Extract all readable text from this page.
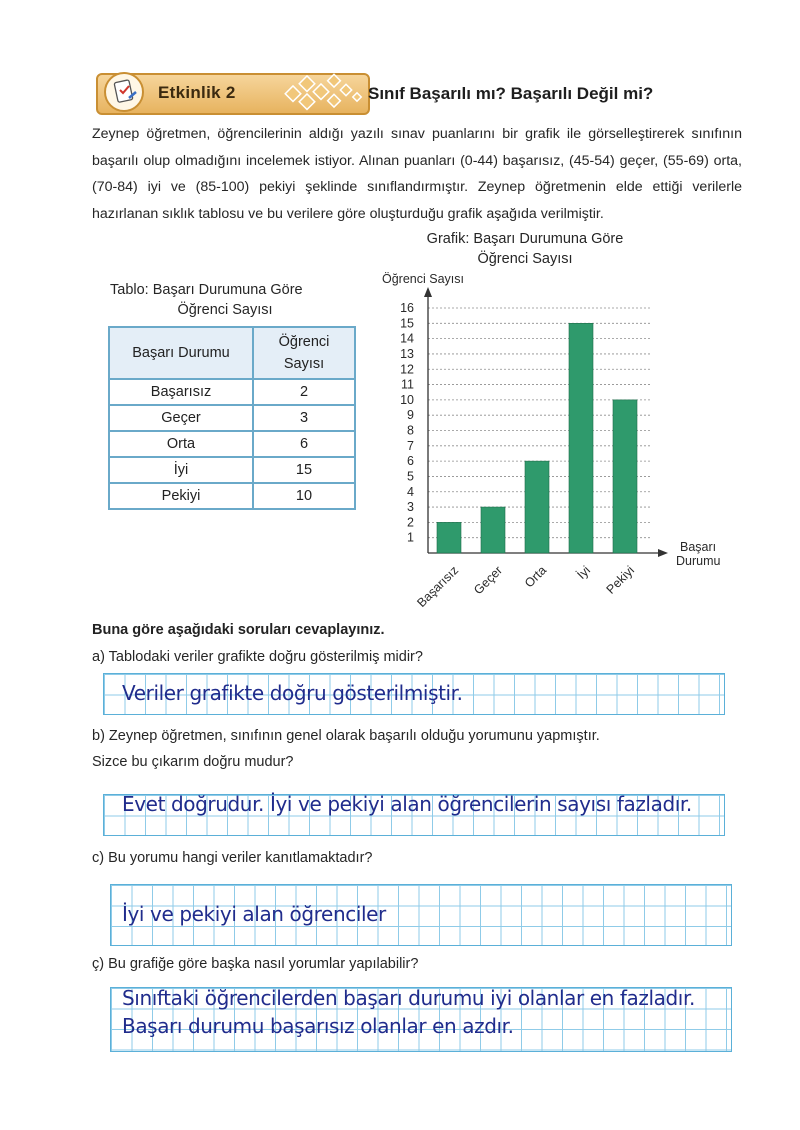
Etkinlik 2	Sınıf Başarılı mı? Başarılı Değil mi?
Zeynep öğretmen, öğrencilerinin aldığı yazılı sınav puanlarını bir grafik ile görselleştirerek sınıfının başarılı olup olmadığını incelemek istiyor. Alınan puanları (0-44) başarısız, (45-54) geçer, (55-69) orta, (70-84) iyi ve (85-100) pekiyi şeklinde sınıflandırmıştır. Zeynep öğretmenin elde ettiği verilerle hazırlanan sıklık tablosu ve bu verilere göre oluşturduğu grafik aşağıda verilmiştir.
Tablo: Başarı Durumuna Göre
Öğrenci Sayısı
Başarı Durumu	Öğrenci
Sayısı
Başarısız	2
Geçer	3
Orta	6
İyi	15
Pekiyi	10
Grafik: Başarı Durumuna Göre
Öğrenci Sayısı
1
2
3
4
5
6
7
8
9
10
11
12
13
14
15
16
Öğrenci Sayısı
Başarı
Durumu
Başarısız Geçer Orta İyi Pekiyi
Buna göre aşağıdaki soruları cevaplayınız.
a) Tablodaki veriler grafikte doğru gösterilmiş midir?
Veriler grafikte doğru gösterilmiştir.
b) Zeynep öğretmen, sınıfının genel olarak başarılı olduğu yorumunu yapmıştır.
Sizce bu çıkarım doğru mudur?
Evet doğrudur. İyi ve pekiyi alan öğrencilerin sayısı fazladır.
c) Bu yorumu hangi veriler kanıtlamaktadır?
İyi ve pekiyi alan öğrenciler
ç) Bu grafiğe göre başka nasıl yorumlar yapılabilir?
Sınıftaki öğrencilerden başarı durumu iyi olanlar en fazladır.
Başarı durumu başarısız olanlar en azdır.
